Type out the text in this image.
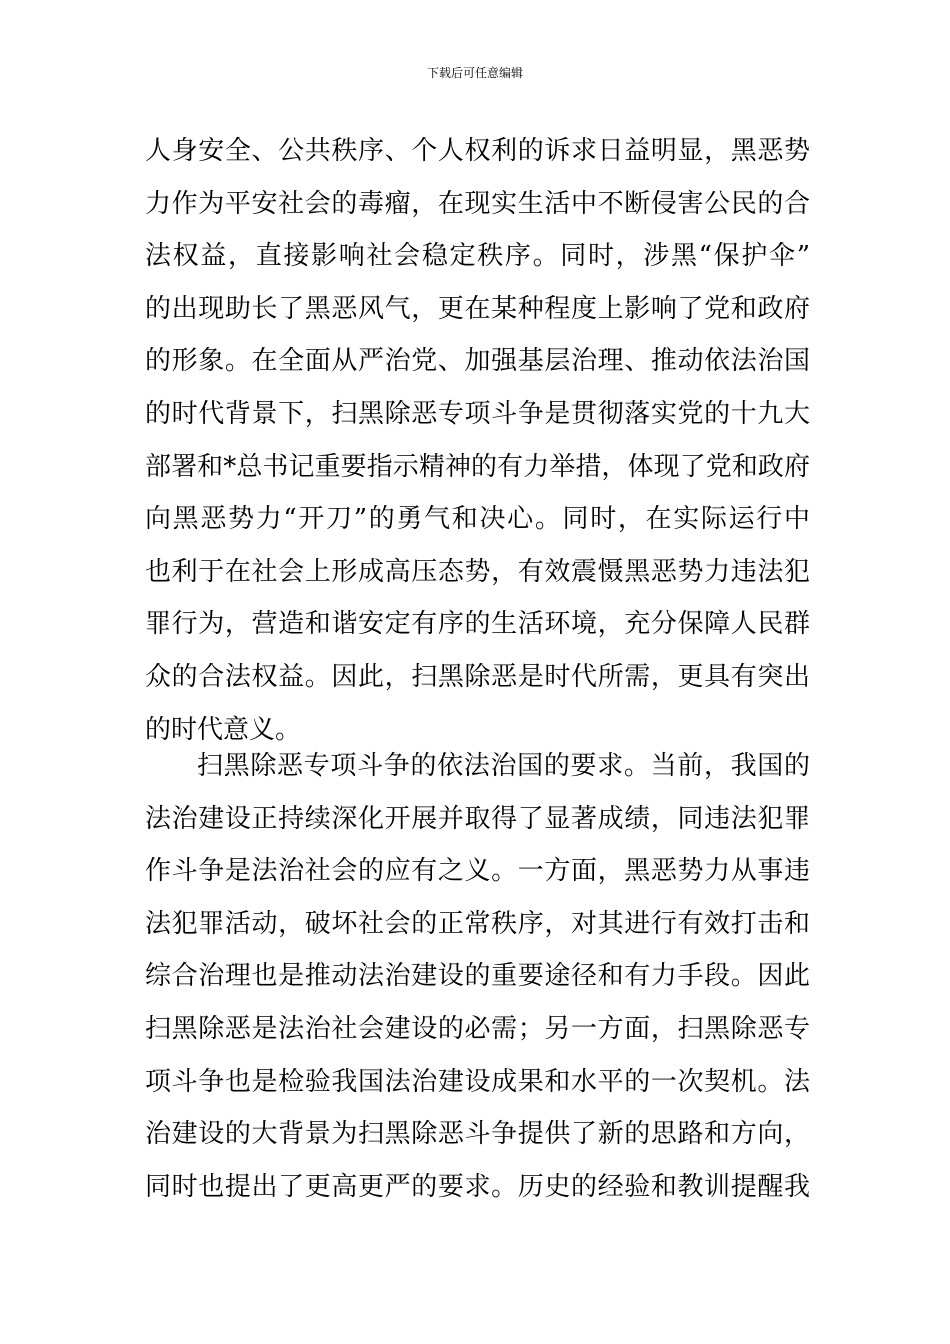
下载后可任意编辑
人身安全、公共秩序、个人权利的诉求日益明显，黑恶势
力作为平安社会的毒瘤，在现实生活中不断侵害公民的合
法权益，直接影响社会稳定秩序。同时，涉黑“保护伞”
的出现助长了黑恶风气，更在某种程度上影响了党和政府
的形象。在全面从严治党、加强基层治理、推动依法治国
的时代背景下，扫黑除恶专项斗争是贯彻落实党的十九大
部署和*总书记重要指示精神的有力举措，体现了党和政府
向黑恶势力“开刀”的勇气和决心。同时，在实际运行中
也利于在社会上形成高压态势，有效震慑黑恶势力违法犯
罪行为，营造和谐安定有序的生活环境，充分保障人民群
众的合法权益。因此，扫黑除恶是时代所需，更具有突出
的时代意义。
扫黑除恶专项斗争的依法治国的要求。当前，我国的
法治建设正持续深化开展并取得了显著成绩，同违法犯罪
作斗争是法治社会的应有之义。一方面，黑恶势力从事违
法犯罪活动，破坏社会的正常秩序，对其进行有效打击和
综合治理也是推动法治建设的重要途径和有力手段。因此
扫黑除恶是法治社会建设的必需；另一方面，扫黑除恶专
项斗争也是检验我国法治建设成果和水平的一次契机。法
治建设的大背景为扫黑除恶斗争提供了新的思路和方向，
同时也提出了更高更严的要求。历史的经验和教训提醒我
